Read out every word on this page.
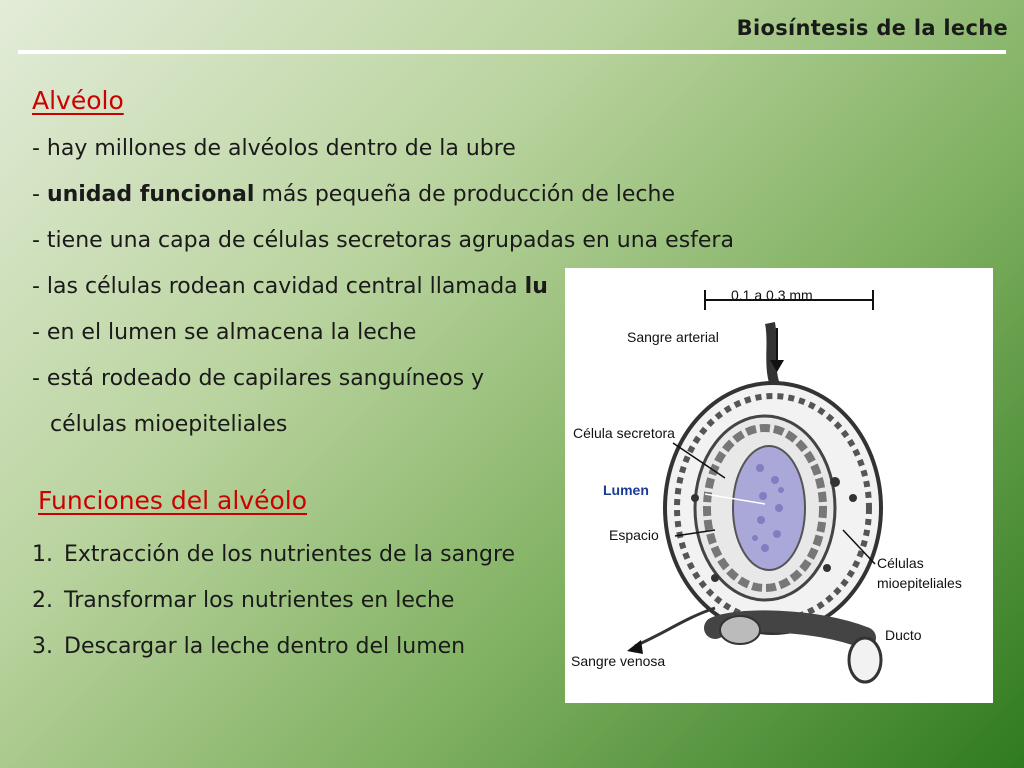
Biosíntesis de la leche
Alvéolo
- hay millones de alvéolos dentro de la ubre
- unidad funcional más pequeña de producción de leche
- tiene una capa de células secretoras agrupadas en una esfera
- las células rodean cavidad central llamada lu
- en el lumen se almacena la leche
- está rodeado de capilares sanguíneos y
células mioepiteliales
Funciones del alvéolo
1. Extracción de los nutrientes de la sangre
2. Transformar los nutrientes en leche
3. Descargar la leche dentro del lumen
0.1 a 0.3 mm
Sangre arterial
Célula secretora
Lumen
Espacio
Células
mioepiteliales
Ducto
Sangre venosa
